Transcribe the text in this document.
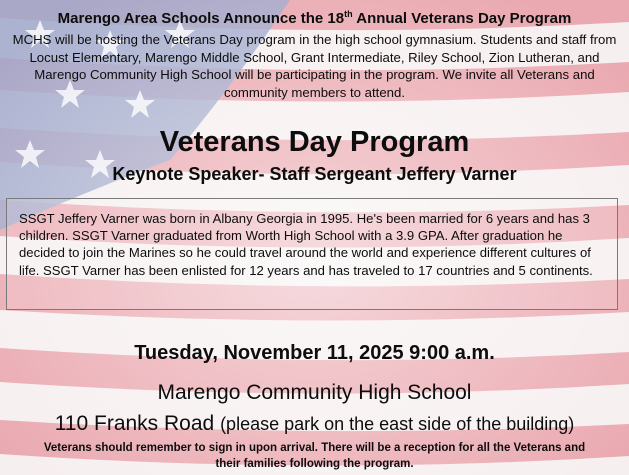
Marengo Area Schools Announce the 18th Annual Veterans Day Program
MCHS will be hosting the Veterans Day program in the high school gymnasium. Students and staff from Locust Elementary, Marengo Middle School, Grant Intermediate, Riley School, Zion Lutheran, and Marengo Community High School will be participating in the program. We invite all Veterans and community members to attend.
Veterans Day Program
Keynote Speaker- Staff Sergeant Jeffery Varner
SSGT Jeffery Varner was born in Albany Georgia in 1995. He's been married for 6 years and has 3 children. SSGT Varner graduated from Worth High School with a 3.9 GPA. After graduation he decided to join the Marines so he could travel around the world and experience different cultures of life. SSGT Varner has been enlisted for 12 years and has traveled to 17 countries and 5 continents.
Tuesday, November 11, 2025 9:00 a.m.
Marengo Community High School
110 Franks Road (please park on the east side of the building)
Veterans should remember to sign in upon arrival. There will be a reception for all the Veterans and their families following the program.
